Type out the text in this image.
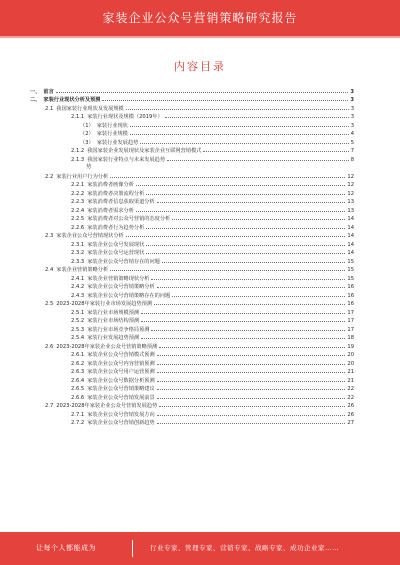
家装企业公众号营销策略研究报告
内容目录
一、 前言	3
二、 家装行业现状分析及预测	3
2.1 我国家装行业现状及发展规模	3
2.1.1 家装行业现状及规模（2019年）	3
（1） 家装行业现状	3
（2） 家装行业规模	4
（3） 家装行业发展趋势	5
2.1.2 我国家装企业发展现状及家装企业互联网营销模式	7
2.1.3 我国家装行业特点与未来发展趋势	8
势
2.2 家装行业用户行为分析	12
2.2.1 家装消费者画像分析	12
2.2.2 家装消费者决策流程分析	12
2.2.3 家装消费者信息获取渠道分析	13
2.2.4 家装消费者需求分析	13
2.2.5 家装消费者对公众号营销的态度分析	14
2.2.6 家装消费者行为趋势分析	14
2.3 家装企业公众号营销现状分析	14
2.3.1 家装企业公众号发展现状	14
2.3.2 家装企业公众号运营现状	14
2.3.3 家装企业公众号营销存在的问题	15
2.4 家装企业营销策略分析	15
2.4.1 家装企业营销策略现状分析	15
2.4.2 家装企业公众号营销策略分析	16
2.4.3 家装企业公众号营销策略存在的问题	16
2.5 2023-2028年家装行业市场发展趋势预测	16
2.5.1 家装行业市场规模预测	17
2.5.2 家装行业市场结构预测	17
2.5.3 家装行业市场竞争格局预测	17
2.5.4 家装行业发展趋势预测	18
2.6 2023-2028年家装企业公众号营销策略预测	19
2.6.1 家装企业公众号营销模式预测	20
2.6.2 家装企业公众号内容营销预测	20
2.6.3 家装企业公众号用户运营预测	21
2.6.4 家装企业公众号数据分析预测	21
2.6.5 家装企业公众号营销策略建议	22
2.6.6 家装企业公众号营销发展前景	22
2.7 2023-2028年家装企业公众号营销发展趋势	26
2.7.1 家装企业公众号营销发展方向	26
2.7.2 家装企业公众号营销创新趋势	27
让每个人都能成为	行业专家、管理专家、营销专家、战略专家、成功企业家……
